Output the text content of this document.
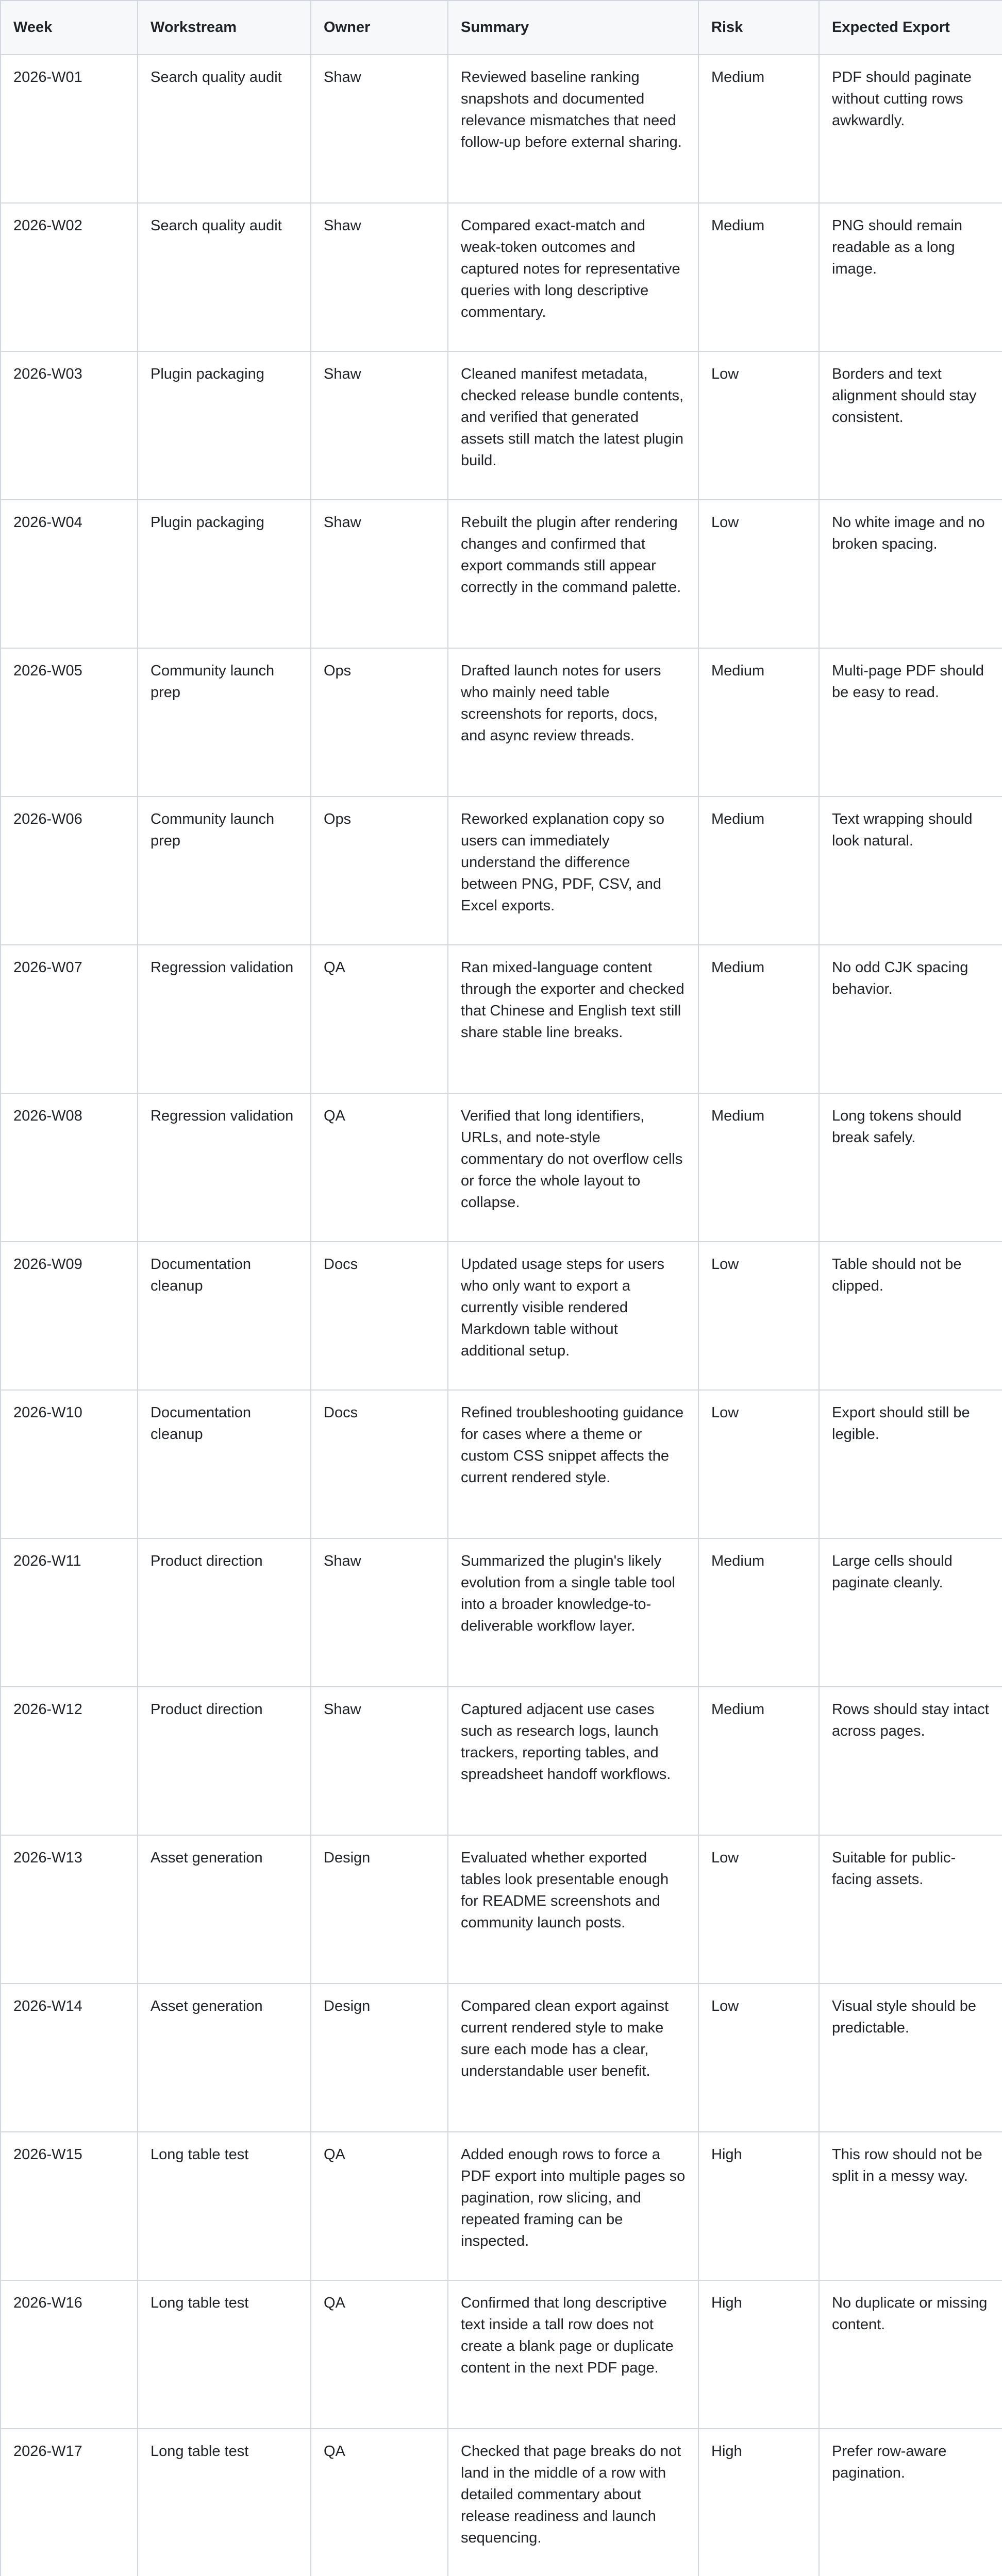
Week	Workstream	Owner	Summary	Risk	Expected Export
2026-W01	Search quality audit	Shaw	Reviewed baseline ranking snapshots and documented relevance mismatches that need follow-up before external sharing.	Medium	PDF should paginate without cutting rows awkwardly.
2026-W02	Search quality audit	Shaw	Compared exact-match and weak-token outcomes and captured notes for representative queries with long descriptive commentary.	Medium	PNG should remain readable as a long image.
2026-W03	Plugin packaging	Shaw	Cleaned manifest metadata, checked release bundle contents, and verified that generated assets still match the latest plugin build.	Low	Borders and text alignment should stay consistent.
2026-W04	Plugin packaging	Shaw	Rebuilt the plugin after rendering changes and confirmed that export commands still appear correctly in the command palette.	Low	No white image and no broken spacing.
2026-W05	Community launch prep	Ops	Drafted launch notes for users who mainly need table screenshots for reports, docs, and async review threads.	Medium	Multi-page PDF should be easy to read.
2026-W06	Community launch prep	Ops	Reworked explanation copy so users can immediately understand the difference between PNG, PDF, CSV, and Excel exports.	Medium	Text wrapping should look natural.
2026-W07	Regression validation	QA	Ran mixed-language content through the exporter and checked that Chinese and English text still share stable line breaks.	Medium	No odd CJK spacing behavior.
2026-W08	Regression validation	QA	Verified that long identifiers, URLs, and note-style commentary do not overflow cells or force the whole layout to collapse.	Medium	Long tokens should break safely.
2026-W09	Documentation cleanup	Docs	Updated usage steps for users who only want to export a currently visible rendered Markdown table without additional setup.	Low	Table should not be clipped.
2026-W10	Documentation cleanup	Docs	Refined troubleshooting guidance for cases where a theme or custom CSS snippet affects the current rendered style.	Low	Export should still be legible.
2026-W11	Product direction	Shaw	Summarized the plugin's likely evolution from a single table tool into a broader knowledge-to-deliverable workflow layer.	Medium	Large cells should paginate cleanly.
2026-W12	Product direction	Shaw	Captured adjacent use cases such as research logs, launch trackers, reporting tables, and spreadsheet handoff workflows.	Medium	Rows should stay intact across pages.
2026-W13	Asset generation	Design	Evaluated whether exported tables look presentable enough for README screenshots and community launch posts.	Low	Suitable for public-facing assets.
2026-W14	Asset generation	Design	Compared clean export against current rendered style to make sure each mode has a clear, understandable user benefit.	Low	Visual style should be predictable.
2026-W15	Long table test	QA	Added enough rows to force a PDF export into multiple pages so pagination, row slicing, and repeated framing can be inspected.	High	This row should not be split in a messy way.
2026-W16	Long table test	QA	Confirmed that long descriptive text inside a tall row does not create a blank page or duplicate content in the next PDF page.	High	No duplicate or missing content.
2026-W17	Long table test	QA	Checked that page breaks do not land in the middle of a row with detailed commentary about release readiness and launch sequencing.	High	Prefer row-aware pagination.
